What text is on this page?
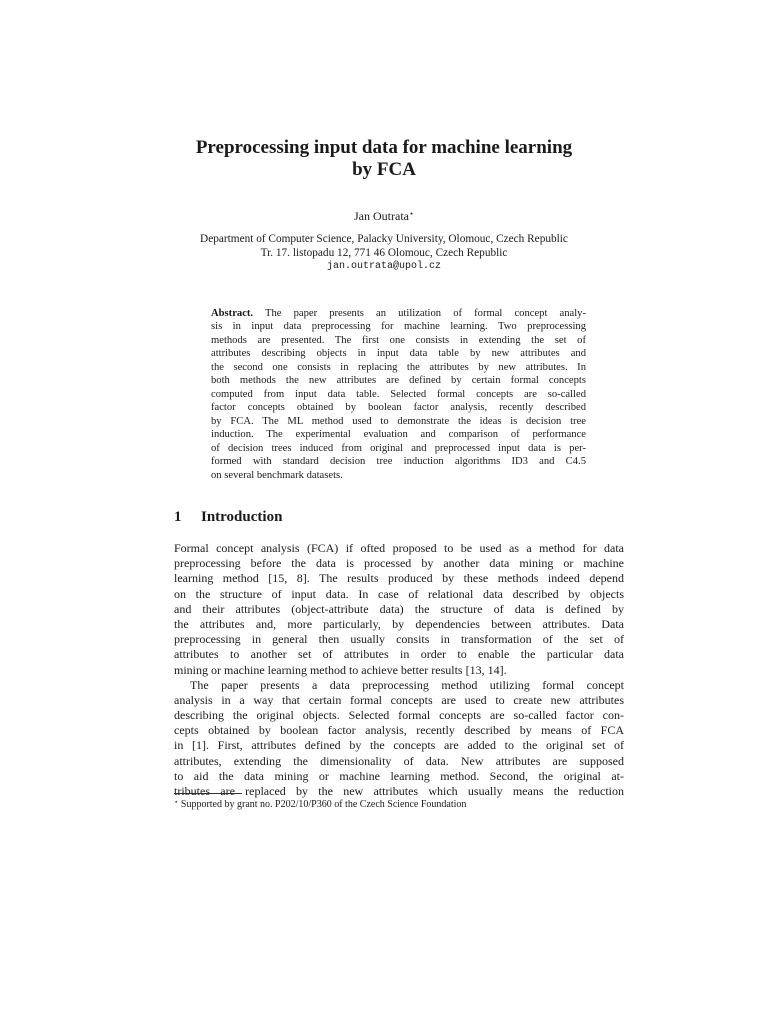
Preprocessing input data for machine learning
by FCA
Jan Outrata⋆
Department of Computer Science, Palacky University, Olomouc, Czech Republic
Tr. 17. listopadu 12, 771 46 Olomouc, Czech Republic
jan.outrata@upol.cz
Abstract. The paper presents an utilization of formal concept analy-
sis in input data preprocessing for machine learning. Two preprocessing
methods are presented. The first one consists in extending the set of
attributes describing objects in input data table by new attributes and
the second one consists in replacing the attributes by new attributes. In
both methods the new attributes are defined by certain formal concepts
computed from input data table. Selected formal concepts are so-called
factor concepts obtained by boolean factor analysis, recently described
by FCA. The ML method used to demonstrate the ideas is decision tree
induction. The experimental evaluation and comparison of performance
of decision trees induced from original and preprocessed input data is per-
formed with standard decision tree induction algorithms ID3 and C4.5
on several benchmark datasets.
1 Introduction
Formal concept analysis (FCA) if ofted proposed to be used as a method for data
preprocessing before the data is processed by another data mining or machine
learning method [15, 8]. The results produced by these methods indeed depend
on the structure of input data. In case of relational data described by objects
and their attributes (object-attribute data) the structure of data is defined by
the attributes and, more particularly, by dependencies between attributes. Data
preprocessing in general then usually consits in transformation of the set of
attributes to another set of attributes in order to enable the particular data
mining or machine learning method to achieve better results [13, 14].
The paper presents a data preprocessing method utilizing formal concept
analysis in a way that certain formal concepts are used to create new attributes
describing the original objects. Selected formal concepts are so-called factor con-
cepts obtained by boolean factor analysis, recently described by means of FCA
in [1]. First, attributes defined by the concepts are added to the original set of
attributes, extending the dimensionality of data. New attributes are supposed
to aid the data mining or machine learning method. Second, the original at-
tributes are replaced by the new attributes which usually means the reduction
⋆ Supported by grant no. P202/10/P360 of the Czech Science Foundation
